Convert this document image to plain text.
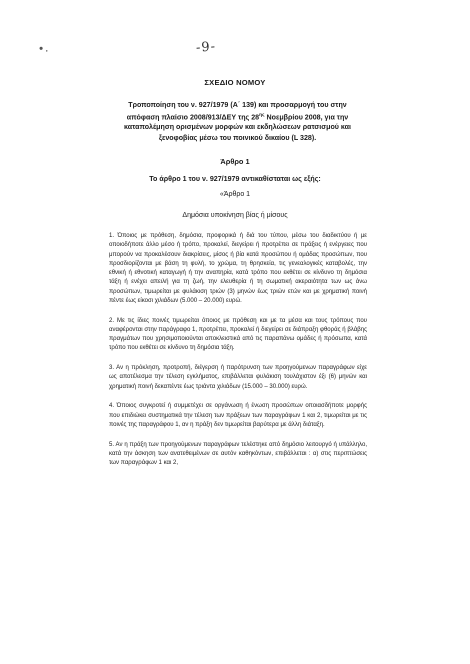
•.	-9-
ΣΧΕΔΙΟ ΝΟΜΟΥ
Τροποποίηση του ν. 927/1979 (Α΄ 139) και προσαρμογή του στην
απόφαση πλαίσιο 2008/913/ΔΕΥ της $28^{\eta\varsigma}$ Νοεμβρίου 2008, για την
καταπολέμηση ορισμένων μορφών και εκδηλώσεων ρατσισμού και
ξενοφοβίας μέσω του ποινικού δικαίου (L 328).
Άρθρο 1
Το άρθρο 1 του ν. 927/1979 αντικαθίσταται ως εξής:
«Άρθρο 1
Δημόσια υποκίνηση βίας ή μίσους

1. Όποιος με πρόθεση, δημόσια, προφορικά ή διά του τύπου, μέσω του διαδικτύου ή με οποιοδήποτε άλλο μέσο ή τρόπο, προκαλεί, διεγείρει ή προτρέπει σε πράξεις ή ενέργειες που μπορούν να προκαλέσουν διακρίσεις, μίσος ή βία κατά προσώπου ή ομάδας προσώπων, που προσδιορίζονται με βάση τη φυλή, το χρώμα, τη θρησκεία, τις γενεαλογικές καταβολές, την εθνική ή εθνοτική καταγωγή ή την αναπηρία, κατά τρόπο που εκθέτει σε κίνδυνο τη δημόσια τάξη ή ενέχει απειλή για τη ζωή, την ελευθερία ή τη σωματική ακεραιότητα των ως άνω προσώπων, τιμωρείται με φυλάκιση τριών (3) μηνών έως τριών ετών και με χρηματική ποινή πέντε έως είκοσι χιλιάδων (5.000 – 20.000) ευρώ.

2. Με τις ίδιες ποινές τιμωρείται όποιος με πρόθεση και με τα μέσα και τους τρόπους που αναφέρονται στην παράγραφο 1, προτρέπει, προκαλεί ή διεγείρει σε διάπραξη φθοράς ή βλάβης πραγμάτων που χρησιμοποιούνται αποκλειστικά από τις παραπάνω ομάδες ή πρόσωπα, κατά τρόπο που εκθέτει σε κίνδυνο τη δημόσια τάξη.

3. Αν η πρόκληση, προτροπή, διέγερση ή παρότρυνση των προηγούμενων παραγράφων είχε ως αποτέλεσμα την τέλεση εγκλήματος, επιβάλλεται φυλάκιση τουλάχιστον έξι (6) μηνών και χρηματική ποινή δεκαπέντε έως τριάντα χιλιάδων (15.000 – 30.000) ευρώ.

4. Όποιος συγκροτεί ή συμμετέχει σε οργάνωση ή ένωση προσώπων οποιασδήποτε μορφής που επιδιώκει συστηματικά την τέλεση των πράξεων των παραγράφων 1 και 2, τιμωρείται με τις ποινές της παραγράφου 1, αν η πράξη δεν τιμωρείται βαρύτερα με άλλη διάταξη.

5. Αν η πράξη των προηγούμενων παραγράφων τελέστηκε από δημόσιο λειτουργό ή υπάλληλο, κατά την άσκηση των ανατεθειμένων σε αυτόν καθηκόντων, επιβάλλεται : α) στις περιπτώσεις των παραγράφων 1 και 2,
